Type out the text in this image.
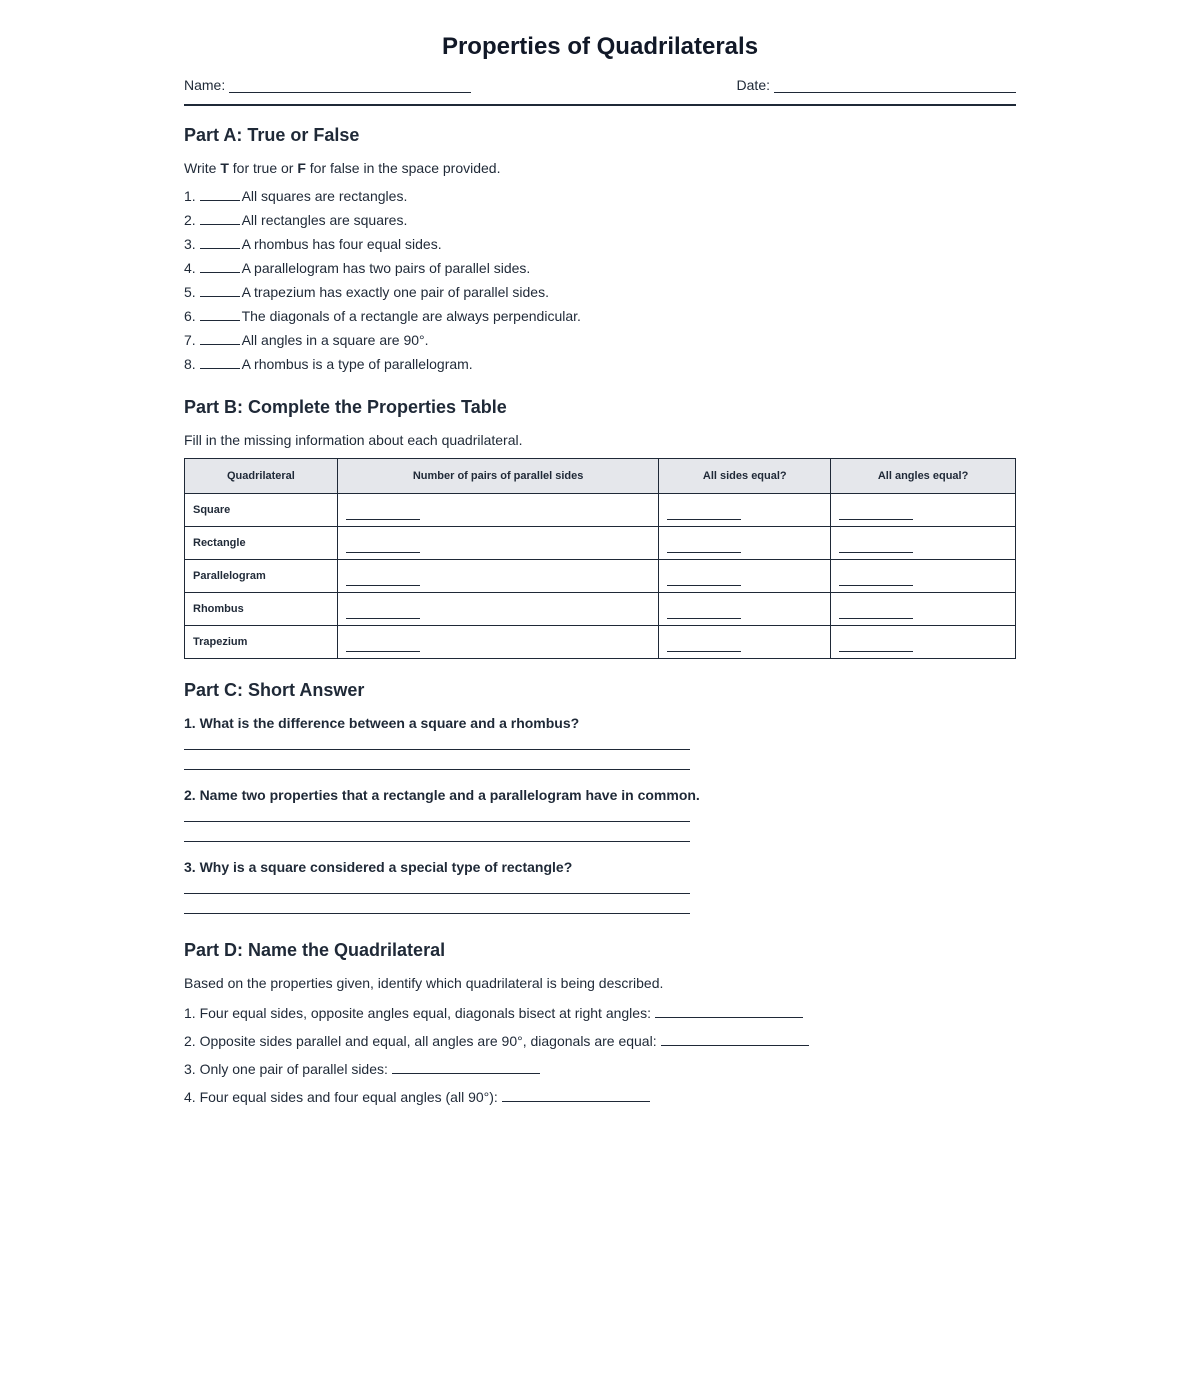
Properties of Quadrilaterals
Name:	Date:
Part A: True or False

Write T for true or F for false in the space provided.

1.	All squares are rectangles.
2.	All rectangles are squares.
3.	A rhombus has four equal sides.
4.	A parallelogram has two pairs of parallel sides.
5.	A trapezium has exactly one pair of parallel sides.
6.	The diagonals of a rectangle are always perpendicular.
7.	All angles in a square are 90°.
8.	A rhombus is a type of parallelogram.
Part B: Complete the Properties Table

Fill in the missing information about each quadrilateral.

Quadrilateral	Number of pairs of parallel sides	All sides equal?	All angles equal?
Square			
Rectangle			
Parallelogram			
Rhombus			
Trapezium			
Part C: Short Answer

1. What is the difference between a square and a rhombus?

2. Name two properties that a rectangle and a parallelogram have in common.

3. Why is a square considered a special type of rectangle?

Part D: Name the Quadrilateral

Based on the properties given, identify which quadrilateral is being described.

1. Four equal sides, opposite angles equal, diagonals bisect at right angles:

2. Opposite sides parallel and equal, all angles are 90°, diagonals are equal:

3. Only one pair of parallel sides:

4. Four equal sides and four equal angles (all 90°):
